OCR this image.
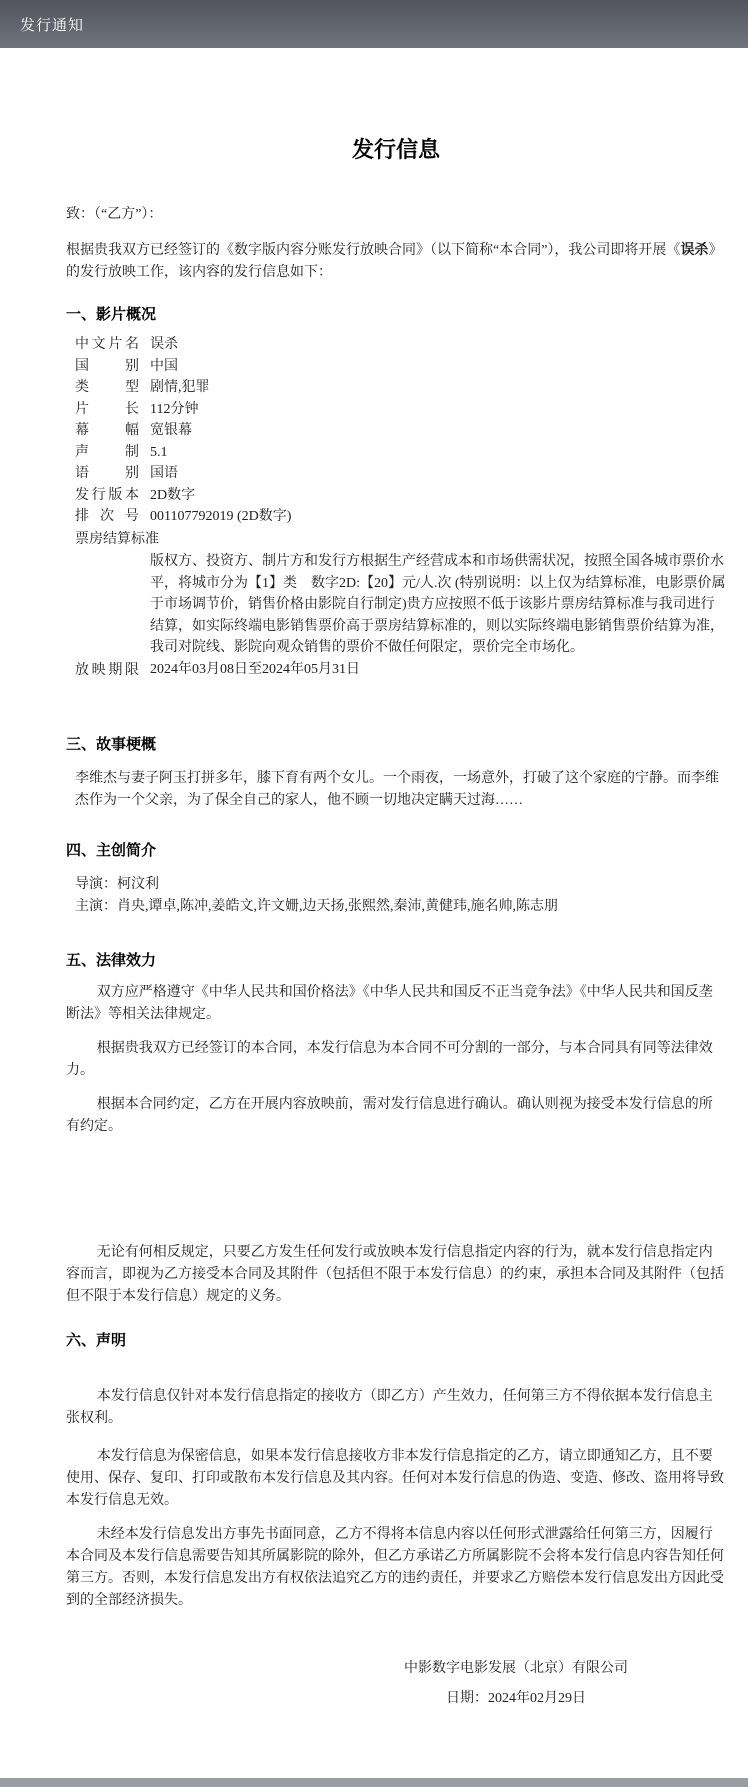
发行通知
发行信息

致：（“乙方”）：

根据贵我双方已经签订的《数字版内容分账发行放映合同》（以下简称“本合同”），我公司即将开展《误杀》的发行放映工作，该内容的发行信息如下：

一、影片概况
中文片名 误杀
国别 中国
类型 剧情,犯罪
片长 112分钟
幕幅 宽银幕
声制 5.1
语别 国语
发行版本 2D数字
排次号 001107792019 (2D数字)
票房结算标准
版权方、投资方、制片方和发行方根据生产经营成本和市场供需状况，按照全国各城市票价水平，将城市分为【1】类　数字2D:【20】元/人.次 (特别说明：以上仅为结算标准，电影票价属于市场调节价，销售价格由影院自行制定)贵方应按照不低于该影片票房结算标准与我司进行结算，如实际终端电影销售票价高于票房结算标准的，则以实际终端电影销售票价结算为准，我司对院线、影院向观众销售的票价不做任何限定，票价完全市场化。
放映期限 2024年03月08日至2024年05月31日
三、故事梗概

李维杰与妻子阿玉打拼多年，膝下育有两个女儿。一个雨夜，一场意外，打破了这个家庭的宁静。而李维杰作为一个父亲，为了保全自己的家人，他不顾一切地决定瞒天过海……

四、主创简介
导演：柯汶利
主演：肖央,谭卓,陈冲,姜皓文,许文姗,边天扬,张熙然,秦沛,黄健玮,施名帅,陈志朋
五、法律效力

双方应严格遵守《中华人民共和国价格法》《中华人民共和国反不正当竞争法》《中华人民共和国反垄断法》等相关法律规定。

根据贵我双方已经签订的本合同，本发行信息为本合同不可分割的一部分，与本合同具有同等法律效力。

根据本合同约定，乙方在开展内容放映前，需对发行信息进行确认。确认则视为接受本发行信息的所有约定。

无论有何相反规定，只要乙方发生任何发行或放映本发行信息指定内容的行为，就本发行信息指定内容而言，即视为乙方接受本合同及其附件（包括但不限于本发行信息）的约束，承担本合同及其附件（包括但不限于本发行信息）规定的义务。

六、声明

本发行信息仅针对本发行信息指定的接收方（即乙方）产生效力，任何第三方不得依据本发行信息主张权利。

本发行信息为保密信息，如果本发行信息接收方非本发行信息指定的乙方，请立即通知乙方，且不要使用、保存、复印、打印或散布本发行信息及其内容。任何对本发行信息的伪造、变造、修改、盗用将导致本发行信息无效。

未经本发行信息发出方事先书面同意，乙方不得将本信息内容以任何形式泄露给任何第三方，因履行本合同及本发行信息需要告知其所属影院的除外，但乙方承诺乙方所属影院不会将本发行信息内容告知任何第三方。否则，本发行信息发出方有权依法追究乙方的违约责任，并要求乙方赔偿本发行信息发出方因此受到的全部经济损失。

中影数字电影发展（北京）有限公司
日期：2024年02月29日
